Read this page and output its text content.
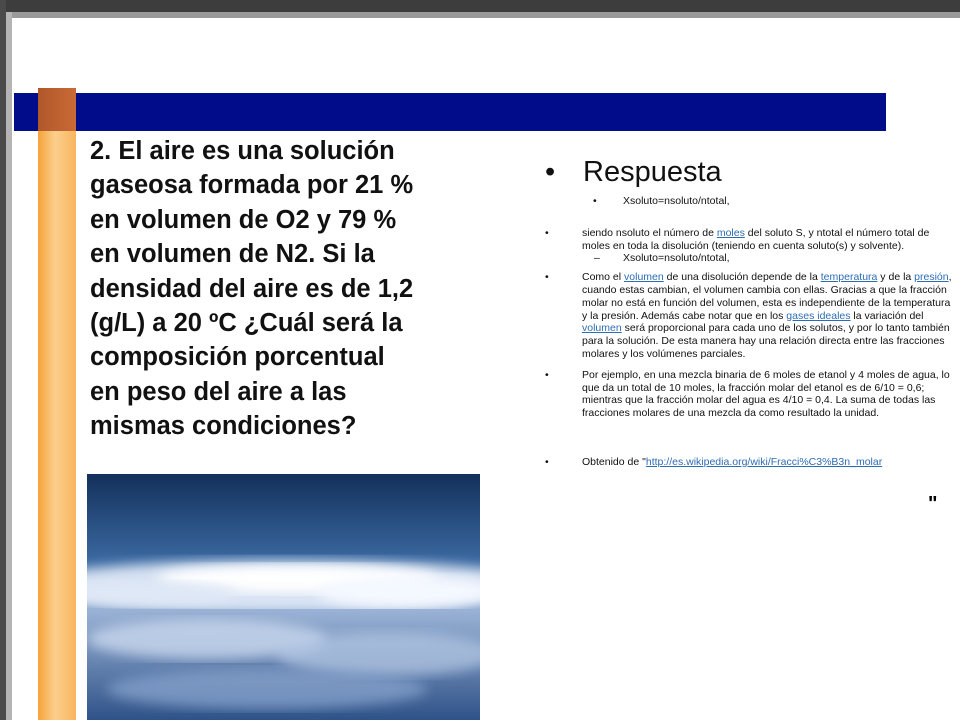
2. El aire es una solución
gaseosa formada por 21 %
en volumen de O2 y 79 %
en volumen de N2. Si la
densidad del aire es de 1,2
(g/L) a 20 ºC ¿Cuál será la
composición porcentual
en peso del aire a las
mismas condiciones?
• Respuesta
•	Xsoluto=nsoluto/ntotal,
•	siendo nsoluto el número de moles del soluto S, y ntotal el número total de moles en toda la disolución (teniendo en cuenta soluto(s) y solvente).
– Xsoluto=nsoluto/ntotal,
•	Como el volumen de una disolución depende de la temperatura y de la presión, cuando estas cambian, el volumen cambia con ellas. Gracias a que la fracción molar no está en función del volumen, esta es independiente de la temperatura y la presión. Además cabe notar que en los gases ideales la variación del volumen será proporcional para cada uno de los solutos, y por lo tanto también para la solución. De esta manera hay una relación directa entre las fracciones molares y los volúmenes parciales.
•	Por ejemplo, en una mezcla binaria de 6 moles de etanol y 4 moles de agua, lo que da un total de 10 moles, la fracción molar del etanol es de 6/10 = 0,6; mientras que la fracción molar del agua es 4/10 = 0,4. La suma de todas las fracciones molares de una mezcla da como resultado la unidad.
•	Obtenido de "http://es.wikipedia.org/wiki/Fracci%C3%B3n_molar
"
